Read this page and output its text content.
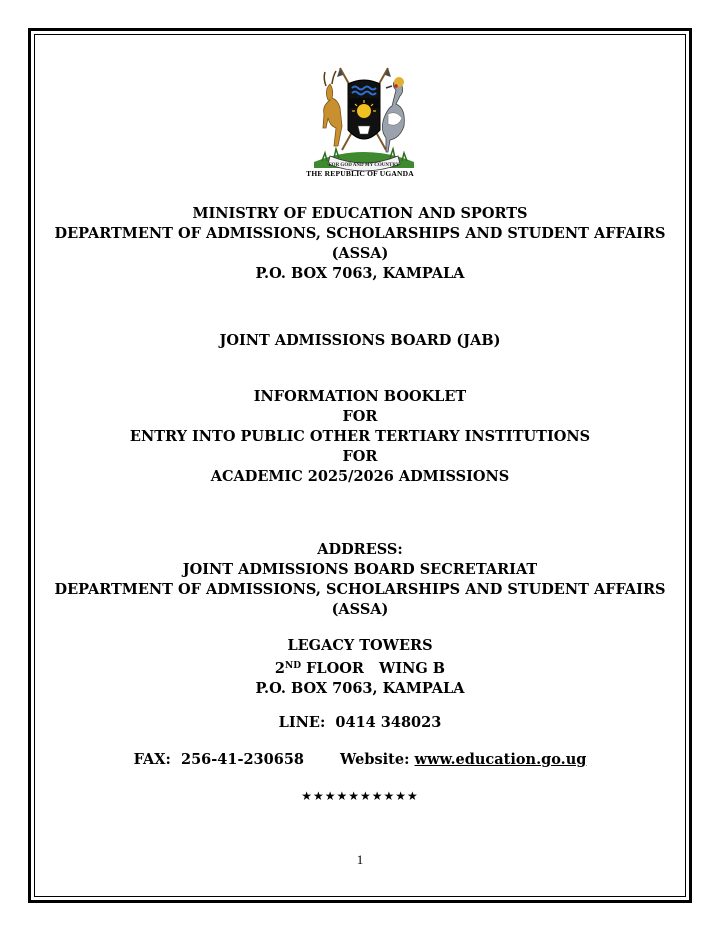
FOR GOD AND MY COUNTRY
THE REPUBLIC OF UGANDA
MINISTRY OF EDUCATION AND SPORTS
DEPARTMENT OF ADMISSIONS, SCHOLARSHIPS AND STUDENT AFFAIRS
(ASSA)
P.O. BOX 7063, KAMPALA
JOINT ADMISSIONS BOARD (JAB)
INFORMATION BOOKLET
FOR
ENTRY INTO PUBLIC OTHER TERTIARY INSTITUTIONS
FOR
ACADEMIC 2025/2026 ADMISSIONS
ADDRESS:
JOINT ADMISSIONS BOARD SECRETARIAT
DEPARTMENT OF ADMISSIONS, SCHOLARSHIPS AND STUDENT AFFAIRS
(ASSA)
LEGACY TOWERS
2ND FLOOR   WING B
P.O. BOX 7063, KAMPALA
LINE:  0414 348023
FAX:  256-41-230658 Website: www.education.go.ug
★★★★★★★★★★
1
